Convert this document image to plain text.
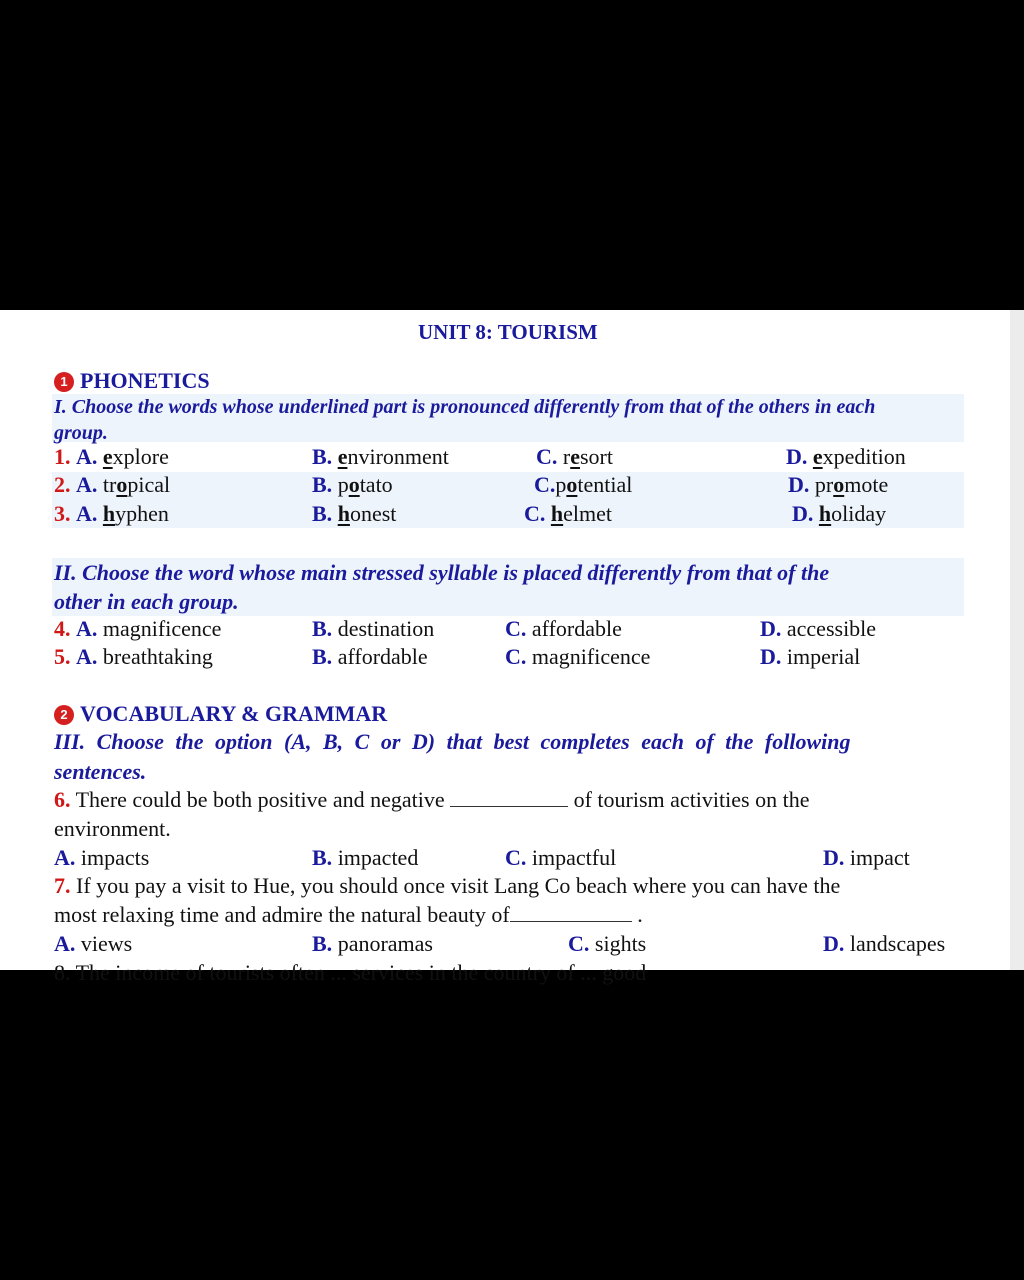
UNIT 8: TOURISM
1 PHONETICS
I. Choose the words whose underlined part is pronounced differently from that of the others in each
group.
1. A. explore	B. environment	C. resort	D. expedition
2. A. tropical	B. potato	C.potential	D. promote
3. A. hyphen	B. honest	C. helmet	D. holiday
II. Choose the word whose main stressed syllable is placed differently from that of the
other in each group.
4. A. magnificence	B. destination	C. affordable	D. accessible
5. A. breathtaking	B. affordable	C. magnificence	D. imperial
2 VOCABULARY & GRAMMAR
III. Choose the option (A, B, C or D) that best completes each of the following
sentences.
6. There could be both positive and negative	of tourism activities on the
environment.
A. impacts	B. impacted	C. impactful	D. impact
7. If you pay a visit to Hue, you should once visit Lang Co beach where you can have the
most relaxing time and admire the natural beauty of	.
A. views	B. panoramas	C. sights	D. landscapes
8. The income of tourists often ... services in the country of ... good
